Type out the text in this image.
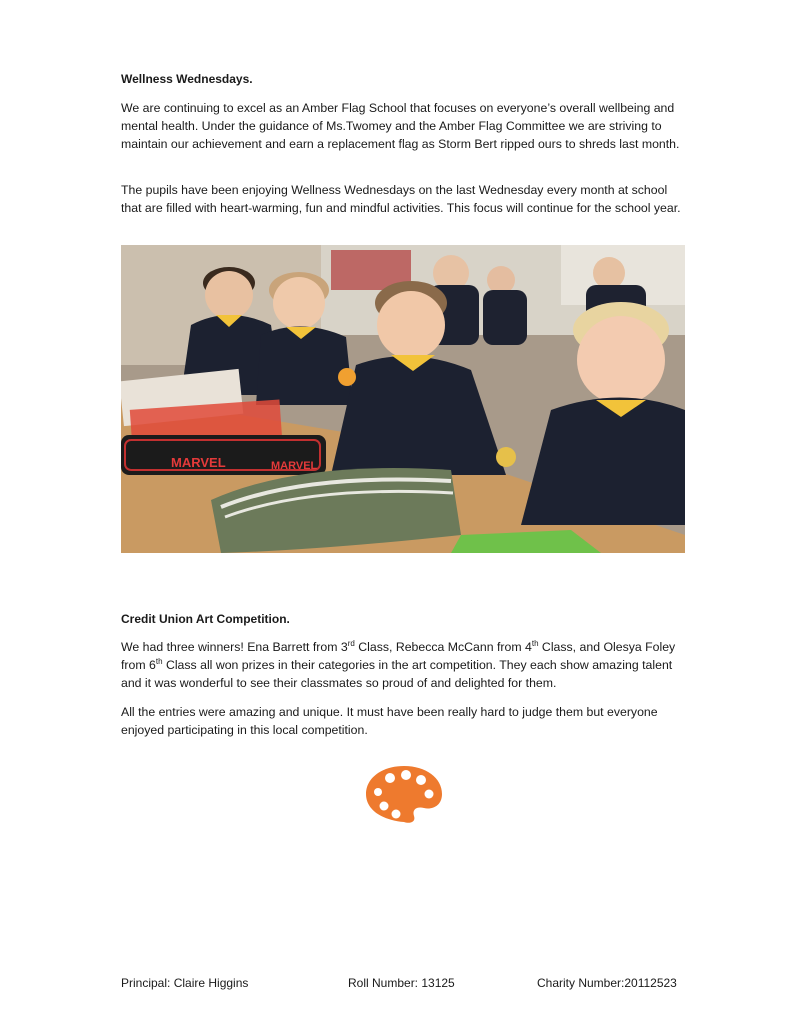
Wellness Wednesdays.

We are continuing to excel as an Amber Flag School that focuses on everyone’s overall wellbeing and mental health. Under the guidance of Ms.Twomey and the Amber Flag Committee we are striving to maintain our achievement and earn a replacement flag as Storm Bert ripped ours to shreds last month.

The pupils have been enjoying Wellness Wednesdays on the last Wednesday every month at school that are filled with heart-warming, fun and mindful activities. This focus will continue for the school year.

MARVEL	MARVEL
Credit Union Art Competition.

We had three winners! Ena Barrett from 3rd Class, Rebecca McCann from 4th Class, and Olesya Foley from 6th Class all won prizes in their categories in the art competition. They each show amazing talent and it was wonderful to see their classmates so proud of and delighted for them.

All the entries were amazing and unique. It must have been really hard to judge them but everyone enjoyed participating in this local competition.

Principal: Claire Higgins	Roll Number: 13125	Charity Number:20112523
